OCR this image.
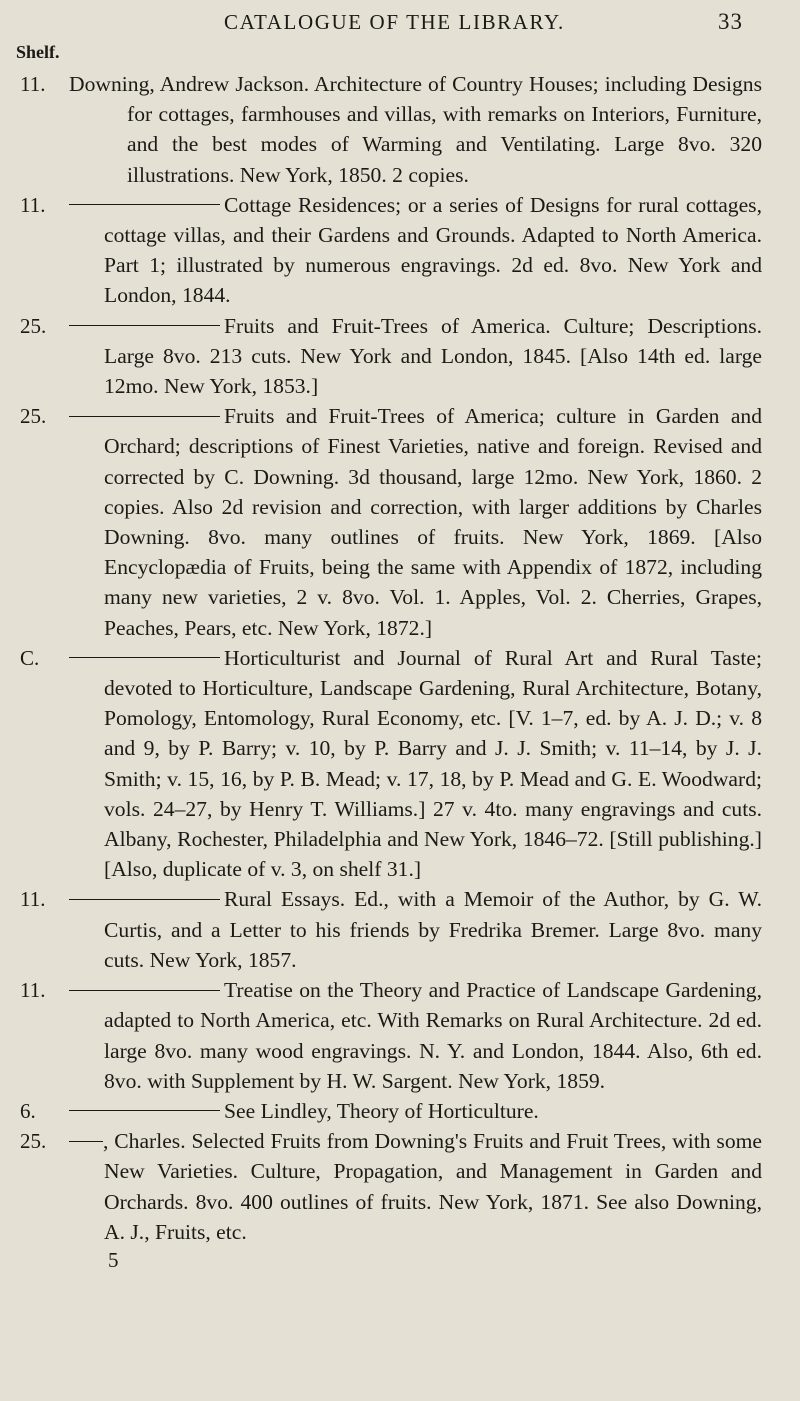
CATALOGUE OF THE LIBRARY.	33
Shelf.
11. Downing, Andrew Jackson. Architecture of Country Houses; including Designs for cottages, farmhouses and villas, with remarks on Interiors, Furniture, and the best modes of Warming and Ventilating. Large 8vo. 320 illustrations. New York, 1850. 2 copies.

11.	Cottage Residences; or a series of Designs for rural cottages, cottage villas, and their Gardens and Grounds. Adapted to North America. Part 1; illustrated by numerous engravings. 2d ed. 8vo. New York and London, 1844.

25.	Fruits and Fruit-Trees of America. Culture; Descriptions. Large 8vo. 213 cuts. New York and London, 1845. [Also 14th ed. large 12mo. New York, 1853.]

25.	Fruits and Fruit-Trees of America; culture in Garden and Orchard; descriptions of Finest Varieties, native and foreign. Revised and corrected by C. Downing. 3d thousand, large 12mo. New York, 1860. 2 copies. Also 2d revision and correction, with larger additions by Charles Downing. 8vo. many outlines of fruits. New York, 1869. [Also Encyclopædia of Fruits, being the same with Appendix of 1872, including many new varieties, 2 v. 8vo. Vol. 1. Apples, Vol. 2. Cherries, Grapes, Peaches, Pears, etc. New York, 1872.]

C.	Horticulturist and Journal of Rural Art and Rural Taste; devoted to Horticulture, Landscape Gardening, Rural Architecture, Botany, Pomology, Entomology, Rural Economy, etc. [V. 1–7, ed. by A. J. D.; v. 8 and 9, by P. Barry; v. 10, by P. Barry and J. J. Smith; v. 11–14, by J. J. Smith; v. 15, 16, by P. B. Mead; v. 17, 18, by P. Mead and G. E. Woodward; vols. 24–27, by Henry T. Williams.] 27 v. 4to. many engravings and cuts. Albany, Rochester, Philadelphia and New York, 1846–72. [Still publishing.] [Also, duplicate of v. 3, on shelf 31.]

11.	Rural Essays. Ed., with a Memoir of the Author, by G. W. Curtis, and a Letter to his friends by Fredrika Bremer. Large 8vo. many cuts. New York, 1857.

11.	Treatise on the Theory and Practice of Landscape Gardening, adapted to North America, etc. With Remarks on Rural Architecture. 2d ed. large 8vo. many wood engravings. N. Y. and London, 1844. Also, 6th ed. 8vo. with Supplement by H. W. Sargent. New York, 1859.

6.	See Lindley, Theory of Horticulture.

25.	, Charles. Selected Fruits from Downing's Fruits and Fruit Trees, with some New Varieties. Culture, Propagation, and Management in Garden and Orchards. 8vo. 400 outlines of fruits. New York, 1871. See also Downing, A. J., Fruits, etc.

5
